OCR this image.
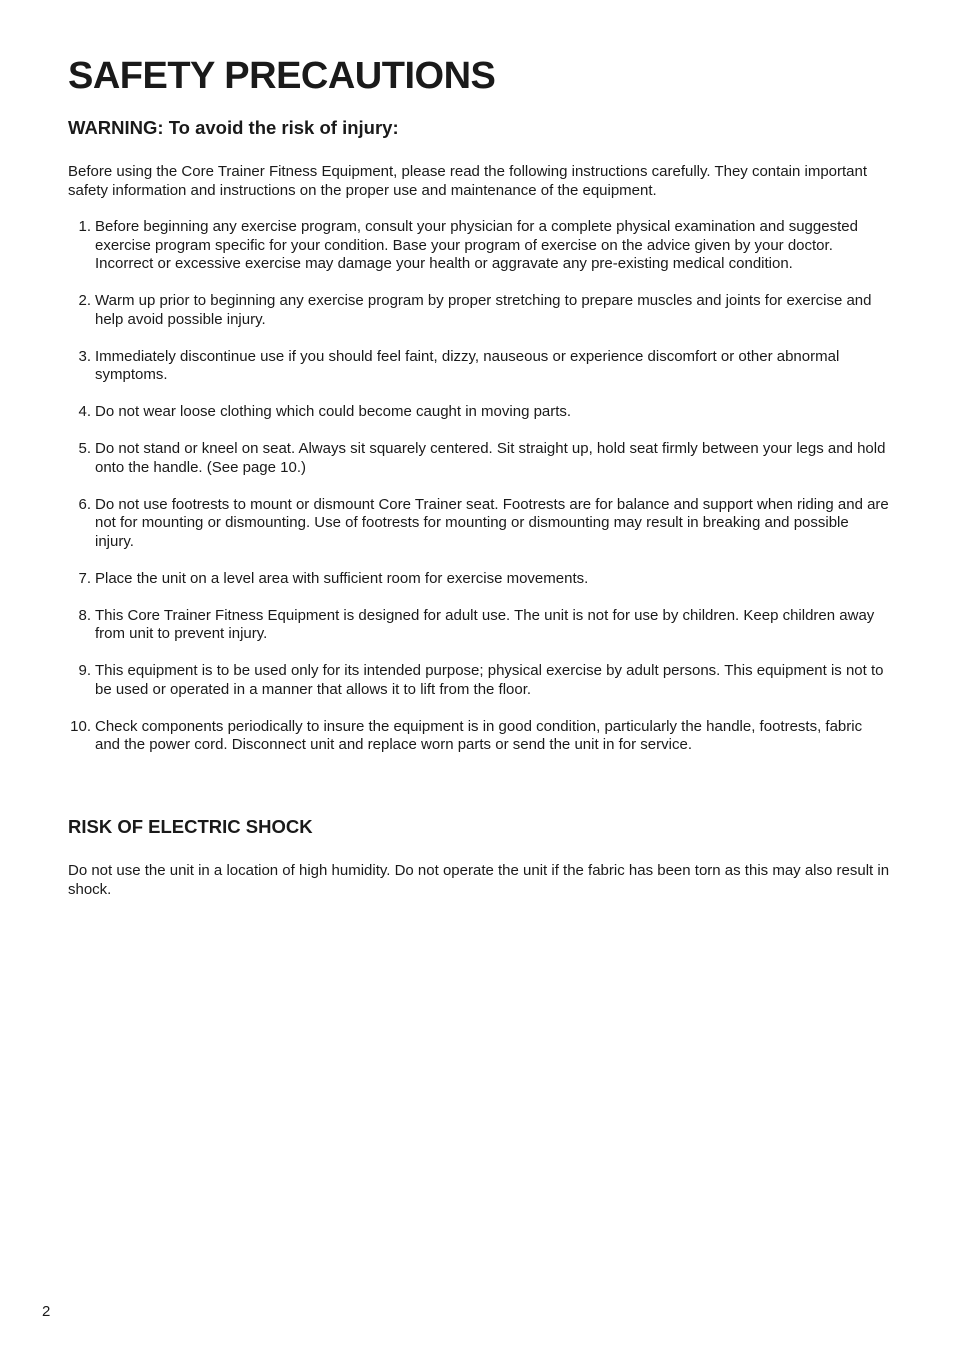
SAFETY PRECAUTIONS
WARNING: To avoid the risk of injury:

Before using the Core Trainer Fitness Equipment, please read the following instructions carefully. They contain important safety information and instructions on the proper use and maintenance of the equipment.

1. Before beginning any exercise program, consult your physician for a complete physical examination and suggested exercise program specific for your condition. Base your program of exercise on the advice given by your doctor. Incorrect or excessive exercise may damage your health or aggravate any pre-existing medical condition.
2. Warm up prior to beginning any exercise program by proper stretching to prepare muscles and joints for exercise and help avoid possible injury.
3. Immediately discontinue use if you should feel faint, dizzy, nauseous or experience discomfort or other abnormal symptoms.
4. Do not wear loose clothing which could become caught in moving parts.
5. Do not stand or kneel on seat. Always sit squarely centered. Sit straight up, hold seat firmly between your legs and hold onto the handle. (See page 10.)
6. Do not use footrests to mount or dismount Core Trainer seat. Footrests are for balance and support when riding and are not for mounting or dismounting. Use of footrests for mounting or dismounting may result in breaking and possible injury.
7. Place the unit on a level area with sufficient room for exercise movements.
8. This Core Trainer Fitness Equipment is designed for adult use. The unit is not for use by children. Keep children away from unit to prevent injury.
9. This equipment is to be used only for its intended purpose; physical exercise by adult persons. This equipment is not to be used or operated in a manner that allows it to lift from the floor.
10. Check components periodically to insure the equipment is in good condition, particularly the handle, footrests, fabric and the power cord. Disconnect unit and replace worn parts or send the unit in for service.
RISK OF ELECTRIC SHOCK

Do not use the unit in a location of high humidity. Do not operate the unit if the fabric has been torn as this may also result in shock.

2
